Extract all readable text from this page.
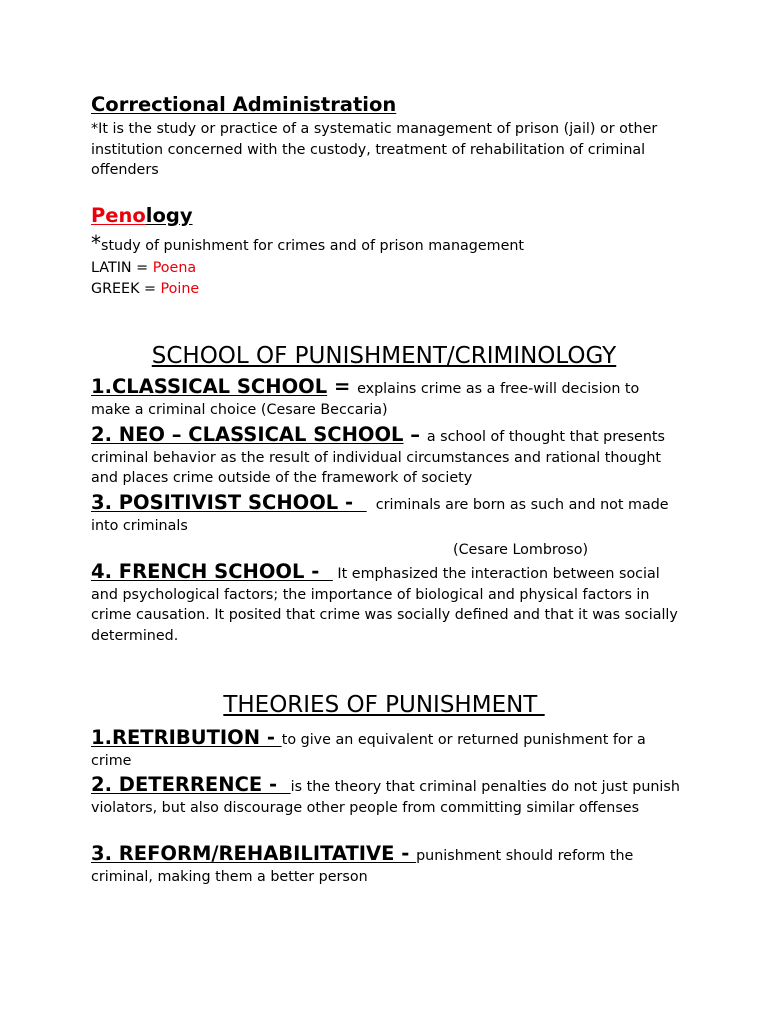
Correctional Administration
*It is the study or practice of a systematic management of prison (jail) or other institution concerned with the custody, treatment of rehabilitation of criminal offenders
Penology
*study of punishment for crimes and of prison management
LATIN = Poena
GREEK = Poine
SCHOOL OF PUNISHMENT/CRIMINOLOGY
1.CLASSICAL SCHOOL = explains crime as a free-will decision to make a criminal choice (Cesare Beccaria)
2. NEO – CLASSICAL SCHOOL – a school of thought that presents criminal behavior as the result of individual circumstances and rational thought and places crime outside of the framework of society
3. POSITIVIST SCHOOL -    criminals are born as such and not made into criminals
(Cesare Lombroso)
4. FRENCH SCHOOL -   It emphasized the interaction between social and psychological factors; the importance of biological and physical factors in crime causation. It posited that crime was socially defined and that it was socially determined.
THEORIES OF PUNISHMENT
1.RETRIBUTION - to give an equivalent or returned punishment for a crime
2. DETERRENCE -  is the theory that criminal penalties do not just punish violators, but also discourage other people from committing similar offenses
3. REFORM/REHABILITATIVE - punishment should reform the criminal, making them a better person
